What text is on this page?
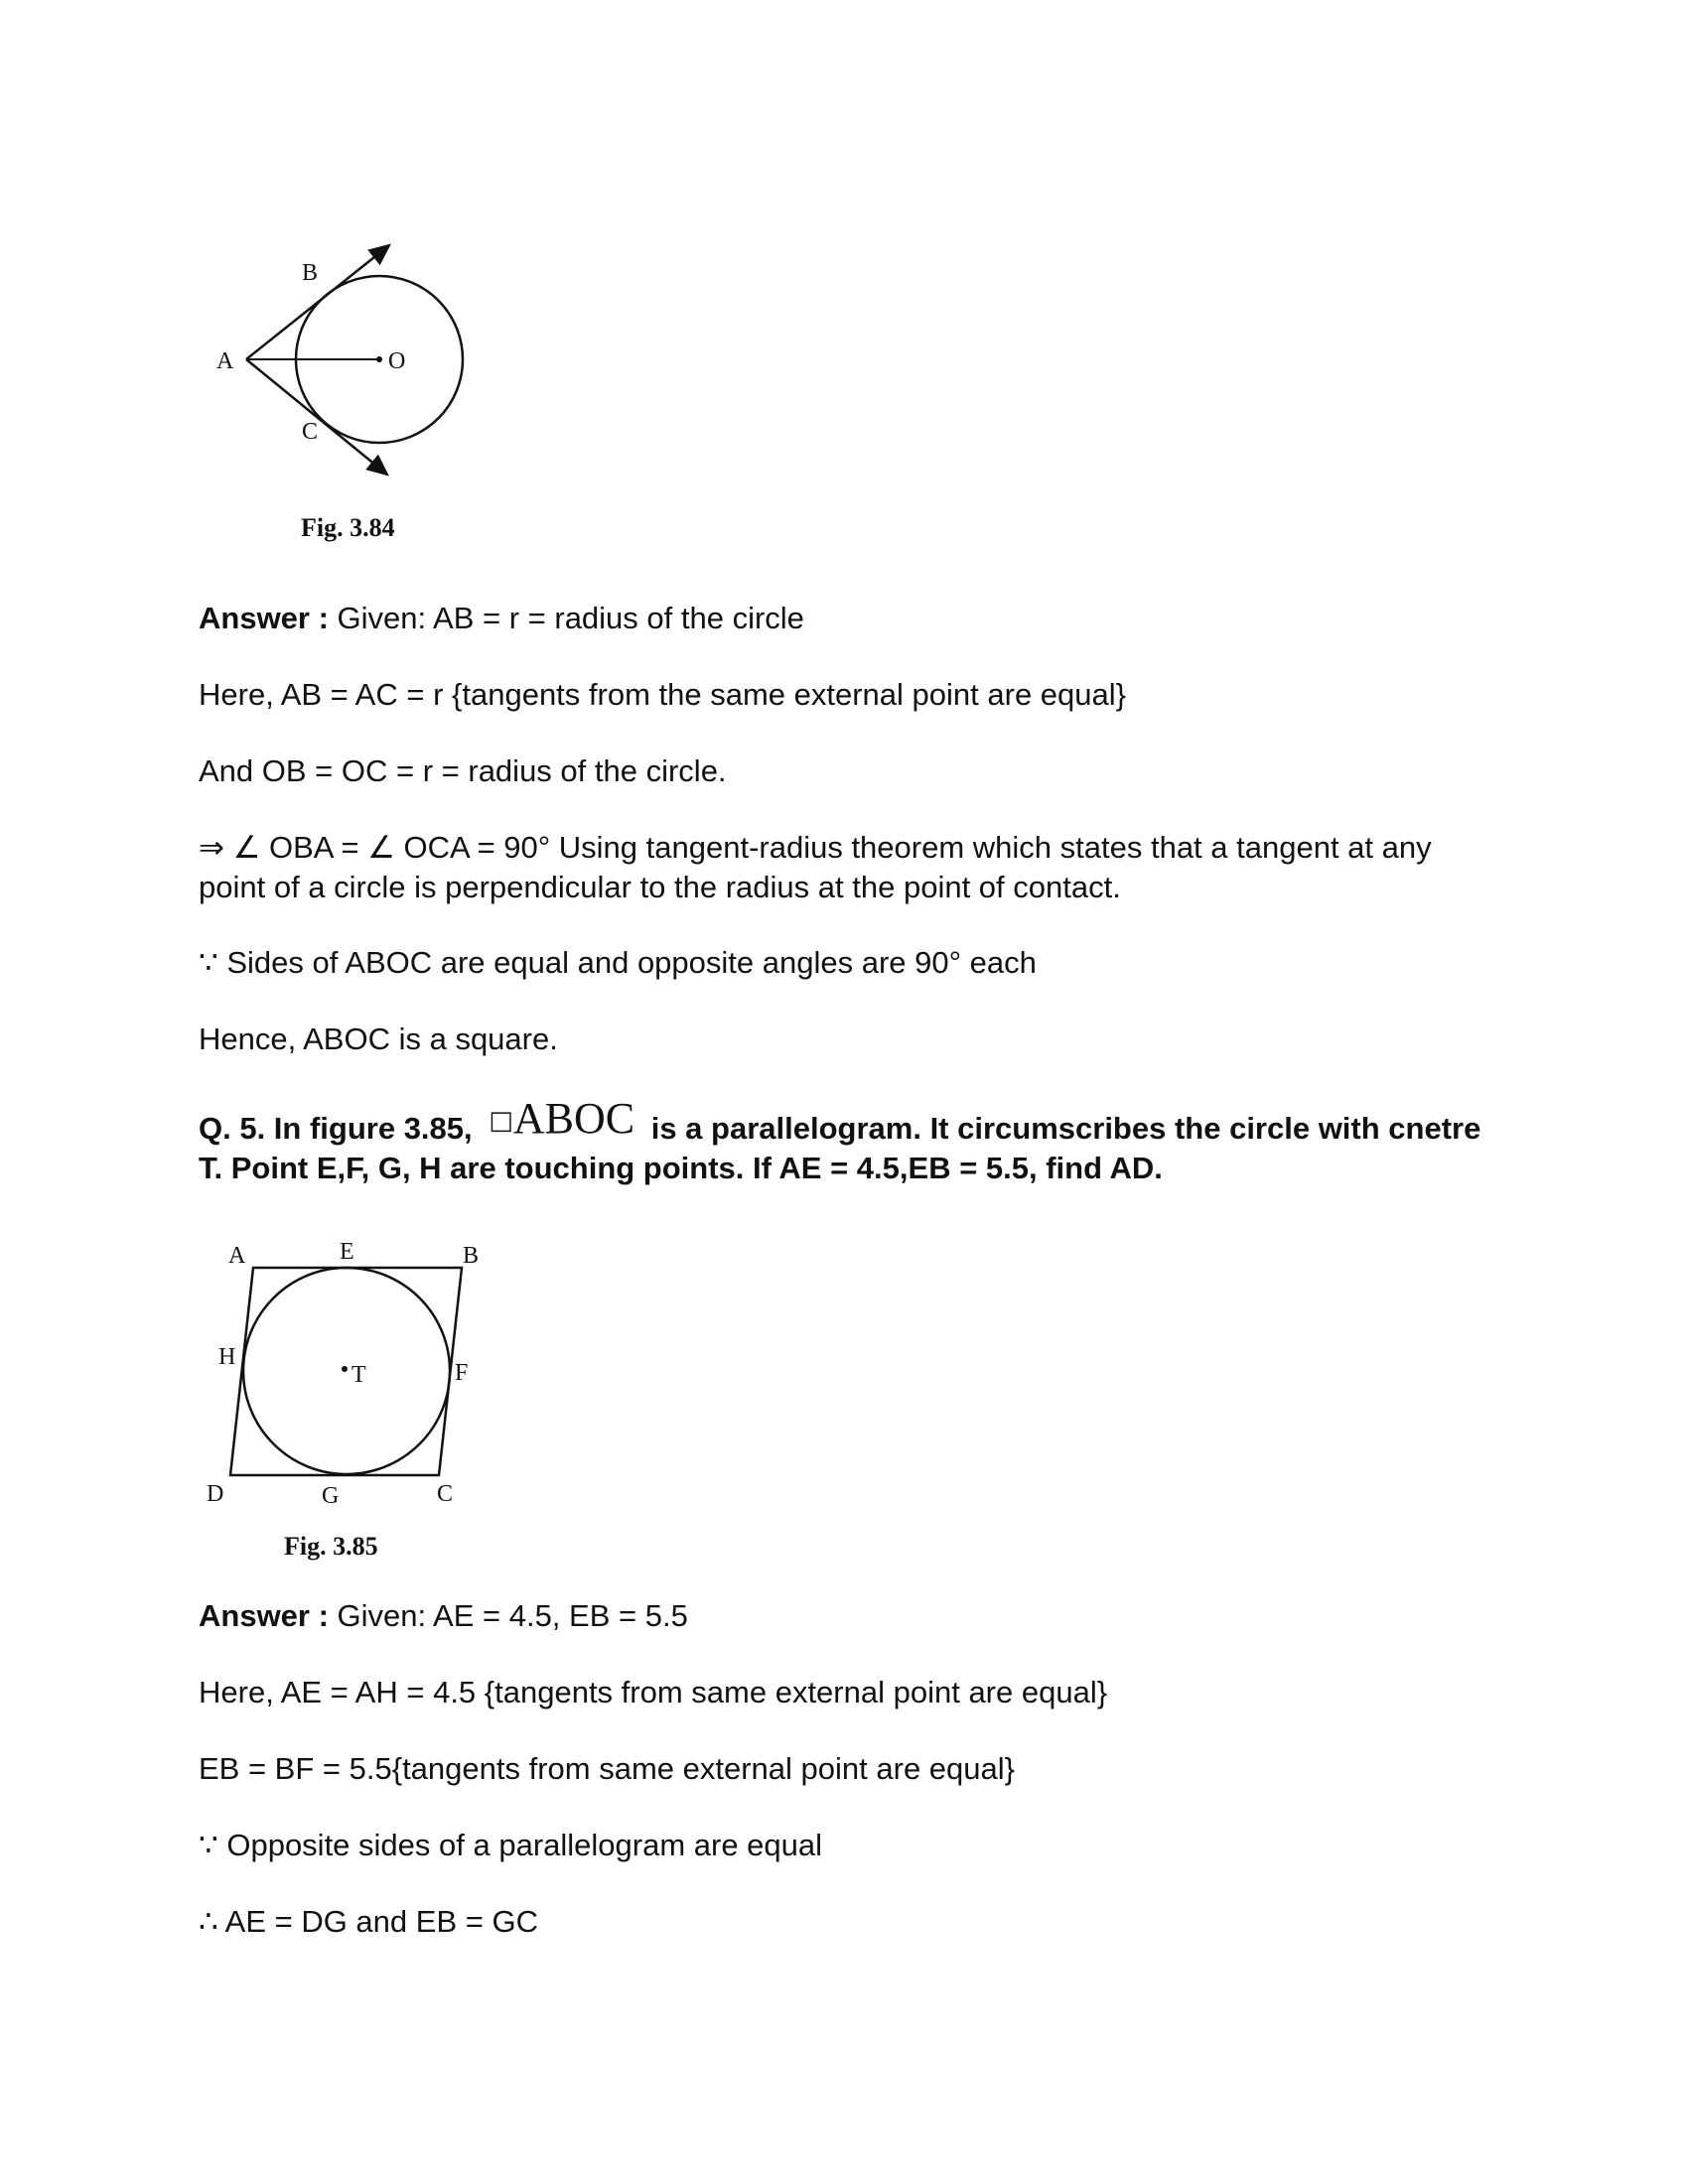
B
A	O
C
Fig. 3.84

Answer : Given: AB = r = radius of the circle

Here, AB = AC = r {tangents from the same external point are equal}

And OB = OC = r = radius of the circle.

⇒ ∠ OBA = ∠ OCA = 90° Using tangent-radius theorem which states that a tangent at any point of a circle is perpendicular to the radius at the point of contact.

∵ Sides of ABOC are equal and opposite angles are 90° each

Hence, ABOC is a square.

Q. 5. In figure 3.85, □ABOC is a parallelogram. It circumscribes the circle with cnetre T. Point E,F, G, H are touching points. If AE = 4.5,EB = 5.5, find AD.

A	E	B
H
T	F
D	G	C
Fig. 3.85

Answer : Given: AE = 4.5, EB = 5.5

Here, AE = AH = 4.5 {tangents from same external point are equal}

EB = BF = 5.5{tangents from same external point are equal}

∵ Opposite sides of a parallelogram are equal

∴ AE = DG and EB = GC
